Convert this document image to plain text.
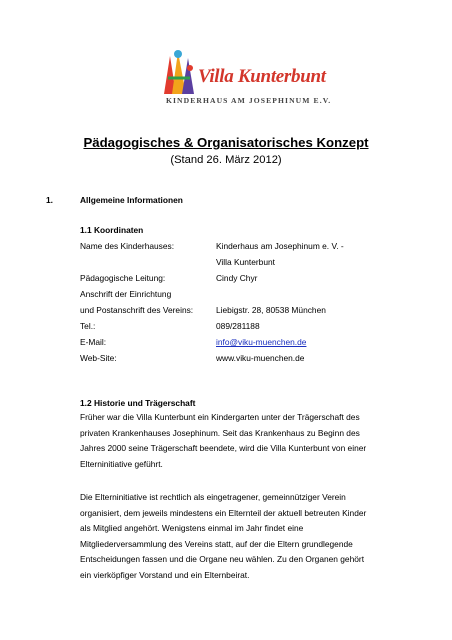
Villa Kunterbunt
KINDERHAUS AM JOSEPHINUM E.V.
Pädagogisches & Organisatorisches Konzept
(Stand 26. März 2012)
1.	Allgemeine Informationen
1.1 Koordinaten
Name des Kinderhauses:	Kinderhaus am Josephinum e. V. -
Villa Kunterbunt
Pädagogische Leitung:	Cindy Chyr
Anschrift der Einrichtung
und Postanschrift des Vereins:	Liebigstr. 28, 80538 München
Tel.:	089/281188
E-Mail:	info@viku-muenchen.de
Web-Site:	www.viku-muenchen.de
1.2 Historie und Trägerschaft
Früher war die Villa Kunterbunt ein Kindergarten unter der Trägerschaft des
privaten Krankenhauses Josephinum. Seit das Krankenhaus zu Beginn des
Jahres 2000 seine Trägerschaft beendete, wird die Villa Kunterbunt von einer
Elterninitiative geführt.
Die Elterninitiative ist rechtlich als eingetragener, gemeinnütziger Verein
organisiert, dem jeweils mindestens ein Elternteil der aktuell betreuten Kinder
als Mitglied angehört. Wenigstens einmal im Jahr findet eine
Mitgliederversammlung des Vereins statt, auf der die Eltern grundlegende
Entscheidungen fassen und die Organe neu wählen. Zu den Organen gehört
ein vierköpfiger Vorstand und ein Elternbeirat.
